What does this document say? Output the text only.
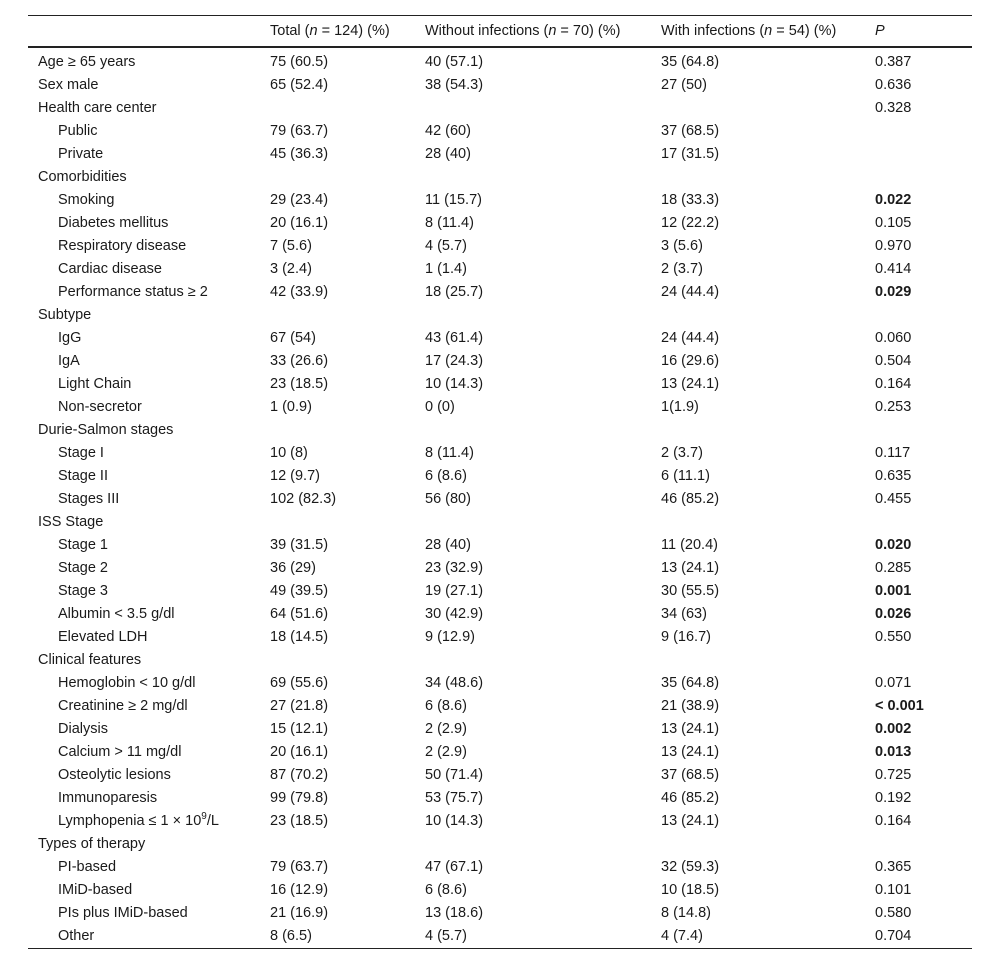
	Total (n = 124) (%)	Without infections (n = 70) (%)	With infections (n = 54) (%)	P
Age ≥ 65 years	75 (60.5)	40 (57.1)	35 (64.8)	0.387
Sex male	65 (52.4)	38 (54.3)	27 (50)	0.636
Health care center				0.328
Public	79 (63.7)	42 (60)	37 (68.5)	
Private	45 (36.3)	28 (40)	17 (31.5)	
Comorbidities				
Smoking	29 (23.4)	11 (15.7)	18 (33.3)	0.022
Diabetes mellitus	20 (16.1)	8 (11.4)	12 (22.2)	0.105
Respiratory disease	7 (5.6)	4 (5.7)	3 (5.6)	0.970
Cardiac disease	3 (2.4)	1 (1.4)	2 (3.7)	0.414
Performance status ≥ 2	42 (33.9)	18 (25.7)	24 (44.4)	0.029
Subtype				
IgG	67 (54)	43 (61.4)	24 (44.4)	0.060
IgA	33 (26.6)	17 (24.3)	16 (29.6)	0.504
Light Chain	23 (18.5)	10 (14.3)	13 (24.1)	0.164
Non-secretor	1 (0.9)	0 (0)	1(1.9)	0.253
Durie-Salmon stages				
Stage I	10 (8)	8 (11.4)	2 (3.7)	0.117
Stage II	12 (9.7)	6 (8.6)	6 (11.1)	0.635
Stages III	102 (82.3)	56 (80)	46 (85.2)	0.455
ISS Stage				
Stage 1	39 (31.5)	28 (40)	11 (20.4)	0.020
Stage 2	36 (29)	23 (32.9)	13 (24.1)	0.285
Stage 3	49 (39.5)	19 (27.1)	30 (55.5)	0.001
Albumin < 3.5 g/dl	64 (51.6)	30 (42.9)	34 (63)	0.026
Elevated LDH	18 (14.5)	9 (12.9)	9 (16.7)	0.550
Clinical features				
Hemoglobin < 10 g/dl	69 (55.6)	34 (48.6)	35 (64.8)	0.071
Creatinine ≥ 2 mg/dl	27 (21.8)	6 (8.6)	21 (38.9)	< 0.001
Dialysis	15 (12.1)	2 (2.9)	13 (24.1)	0.002
Calcium > 11 mg/dl	20 (16.1)	2 (2.9)	13 (24.1)	0.013
Osteolytic lesions	87 (70.2)	50 (71.4)	37 (68.5)	0.725
Immunoparesis	99 (79.8)	53 (75.7)	46 (85.2)	0.192
Lymphopenia ≤ $1 \times 10^9/L$	23 (18.5)	10 (14.3)	13 (24.1)	0.164
Types of therapy				
PI-based	79 (63.7)	47 (67.1)	32 (59.3)	0.365
IMiD-based	16 (12.9)	6 (8.6)	10 (18.5)	0.101
PIs plus IMiD-based	21 (16.9)	13 (18.6)	8 (14.8)	0.580
Other	8 (6.5)	4 (5.7)	4 (7.4)	0.704
